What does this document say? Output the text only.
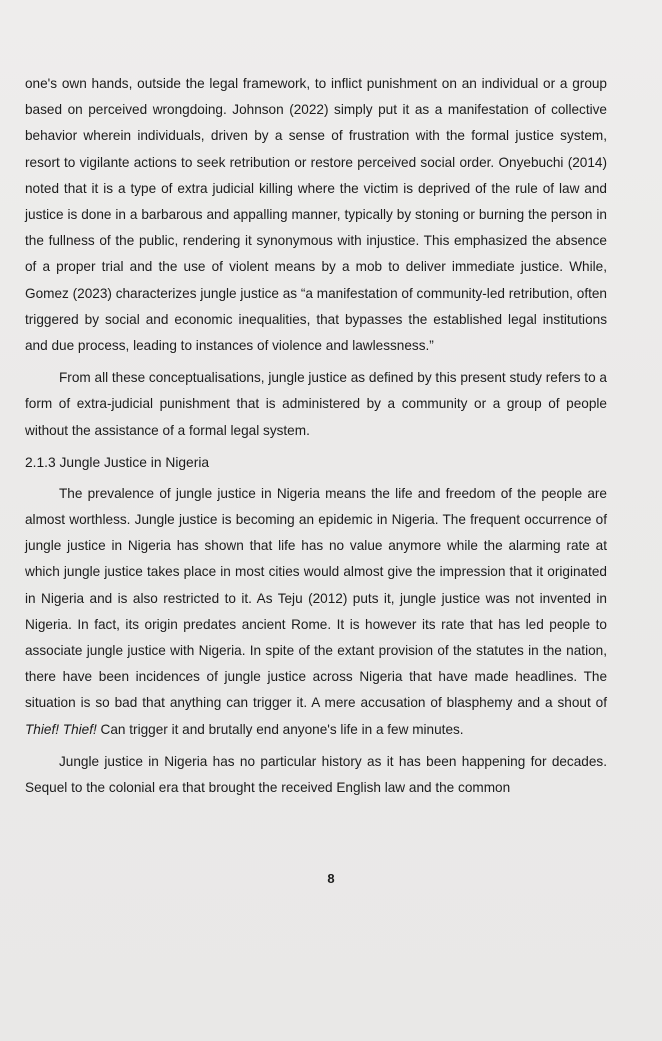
one's own hands, outside the legal framework, to inflict punishment on an individual or a group based on perceived wrongdoing. Johnson (2022) simply put it as a manifestation of collective behavior wherein individuals, driven by a sense of frustration with the formal justice system, resort to vigilante actions to seek retribution or restore perceived social order. Onyebuchi (2014) noted that it is a type of extra judicial killing where the victim is deprived of the rule of law and justice is done in a barbarous and appalling manner, typically by stoning or burning the person in the fullness of the public, rendering it synonymous with injustice. This emphasized the absence of a proper trial and the use of violent means by a mob to deliver immediate justice. While, Gomez (2023) characterizes jungle justice as “a manifestation of community-led retribution, often triggered by social and economic inequalities, that bypasses the established legal institutions and due process, leading to instances of violence and lawlessness.”

From all these conceptualisations, jungle justice as defined by this present study refers to a form of extra-judicial punishment that is administered by a community or a group of people without the assistance of a formal legal system.

2.1.3 Jungle Justice in Nigeria

The prevalence of jungle justice in Nigeria means the life and freedom of the people are almost worthless. Jungle justice is becoming an epidemic in Nigeria. The frequent occurrence of jungle justice in Nigeria has shown that life has no value anymore while the alarming rate at which jungle justice takes place in most cities would almost give the impression that it originated in Nigeria and is also restricted to it. As Teju (2012) puts it, jungle justice was not invented in Nigeria. In fact, its origin predates ancient Rome. It is however its rate that has led people to associate jungle justice with Nigeria. In spite of the extant provision of the statutes in the nation, there have been incidences of jungle justice across Nigeria that have made headlines. The situation is so bad that anything can trigger it. A mere accusation of blasphemy and a shout of Thief! Thief! Can trigger it and brutally end anyone's life in a few minutes.

Jungle justice in Nigeria has no particular history as it has been happening for decades. Sequel to the colonial era that brought the received English law and the common

8
